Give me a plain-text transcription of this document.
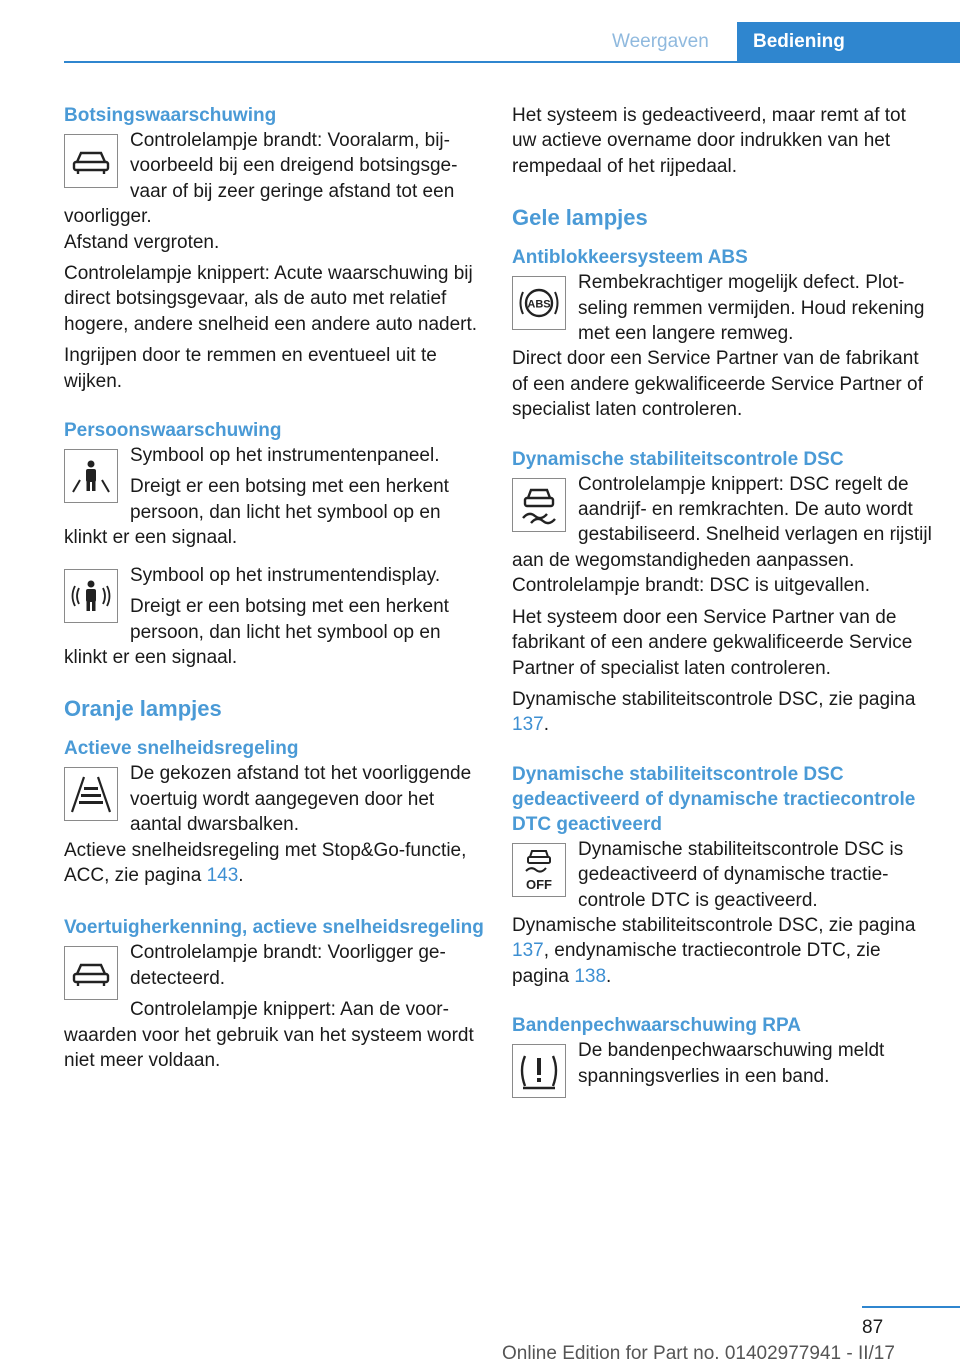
Weergaven Bediening
Botsingswaarschuwing

Controlelampje brandt: Vooralarm, bijvoorbeeld bij een dreigend botsingsgevaar of bij zeer geringe afstand tot een voorligger.

Afstand vergroten.

Controlelampje knippert: Acute waarschuwing bij direct botsingsgevaar, als de auto met relatief hogere, andere snelheid een andere auto nadert.

Ingrijpen door te remmen en eventueel uit te wijken.

Persoonswaarschuwing

Symbool op het instrumentenpaneel.

Dreigt er een botsing met een herkent persoon, dan licht het symbool op en klinkt er een signaal.

Symbool op het instrumentendisplay.

Dreigt er een botsing met een herkent persoon, dan licht het symbool op en klinkt er een signaal.

Oranje lampjes
Actieve snelheidsregeling

De gekozen afstand tot het voorliggende voertuig wordt aangegeven door het aantal dwarsbalken.

Actieve snelheidsregeling met Stop&Go-functie, ACC, zie pagina 143.

Voertuigherkenning, actieve snelheidsregeling

Controlelampje brandt: Voorligger gedetecteerd.

Controlelampje knippert: Aan de voorwaarden voor het gebruik van het systeem wordt niet meer voldaan.

Het systeem is gedeactiveerd, maar remt af tot uw actieve overname door indrukken van het rempedaal of het rijpedaal.

Gele lampjes
Antiblokkeersysteem ABS
ABS

Rembekrachtiger mogelijk defect. Plotseling remmen vermijden. Houd rekening met een langere remweg.

Direct door een Service Partner van de fabrikant of een andere gekwalificeerde Service Partner of specialist laten controleren.

Dynamische stabiliteitscontrole DSC

Controlelampje knippert: DSC regelt de aandrijf- en remkrachten. De auto wordt gestabiliseerd. Snelheid verlagen en rijstijl aan de wegomstandigheden aanpassen.

Controlelampje brandt: DSC is uitgevallen.

Het systeem door een Service Partner van de fabrikant of een andere gekwalificeerde Service Partner of specialist laten controleren.

Dynamische stabiliteitscontrole DSC, zie pagina 137.

Dynamische stabiliteitscontrole DSC gedeactiveerd of dynamische tractiecontrole DTC geactiveerd
OFF

Dynamische stabiliteitscontrole DSC is gedeactiveerd of dynamische tractiecontrole DTC is geactiveerd.

Dynamische stabiliteitscontrole DSC, zie pagina 137, endynamische tractiecontrole DTC, zie pagina 138.

Bandenpechwaarschuwing RPA

De bandenpechwaarschuwing meldt spanningsverlies in een band.

87
Online Edition for Part no. 01402977941 - II/17
